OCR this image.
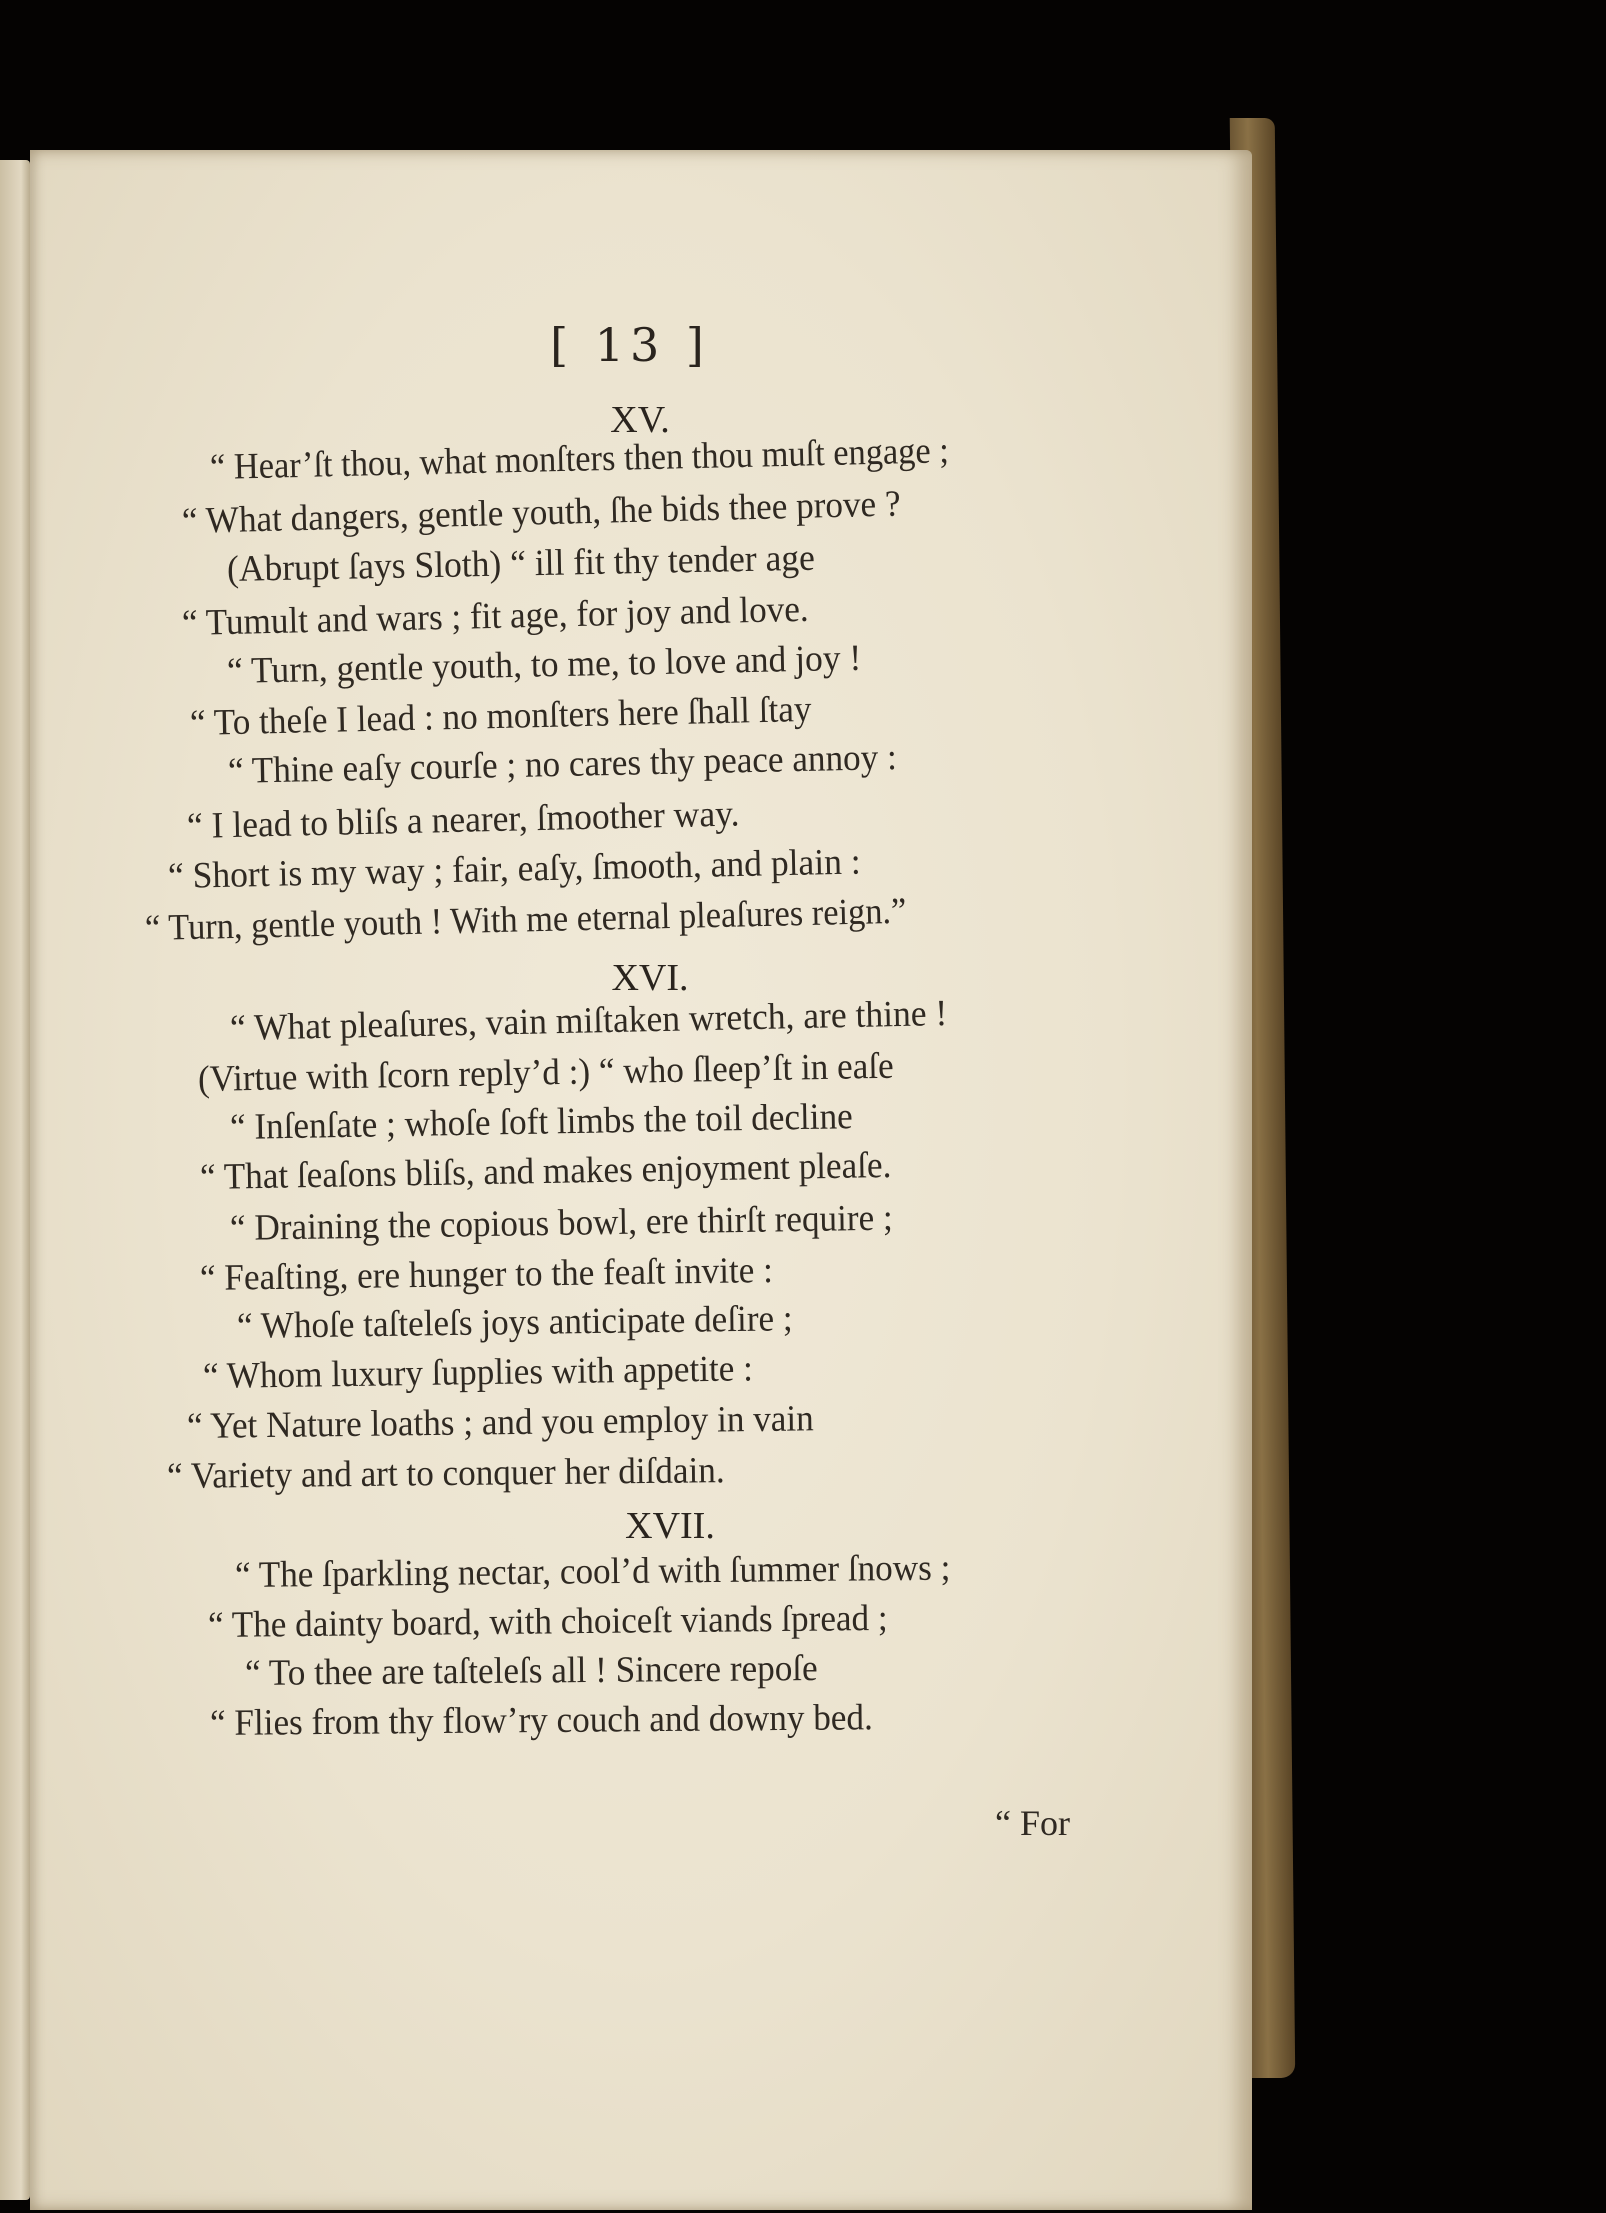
[ 13 ]
XV.
“ Hear’ſt thou, what monſters then thou muſt engage ;
“ What dangers, gentle youth, ſhe bids thee prove ?
(Abrupt ſays Sloth) “ ill fit thy tender age
“ Tumult and wars ; fit age, for joy and love.
“ Turn, gentle youth, to me, to love and joy !
“ To theſe I lead : no monſters here ſhall ſtay
“ Thine eaſy courſe ; no cares thy peace annoy :
“ I lead to bliſs a nearer, ſmoother way.
“ Short is my way ; fair, eaſy, ſmooth, and plain :
“ Turn, gentle youth ! With me eternal pleaſures reign.”
XVI.
“ What pleaſures, vain miſtaken wretch, are thine !
(Virtue with ſcorn reply’d :) “ who ſleep’ſt in eaſe
“ Inſenſate ; whoſe ſoft limbs the toil decline
“ That ſeaſons bliſs, and makes enjoyment pleaſe.
“ Draining the copious bowl, ere thirſt require ;
“ Feaſting, ere hunger to the feaſt invite :
“ Whoſe taſteleſs joys anticipate deſire ;
“ Whom luxury ſupplies with appetite :
“ Yet Nature loaths ; and you employ in vain
“ Variety and art to conquer her diſdain.
XVII.
“ The ſparkling nectar, cool’d with ſummer ſnows ;
“ The dainty board, with choiceſt viands ſpread ;
“ To thee are taſteleſs all ! Sincere repoſe
“ Flies from thy flow’ry couch and downy bed.
“ For
